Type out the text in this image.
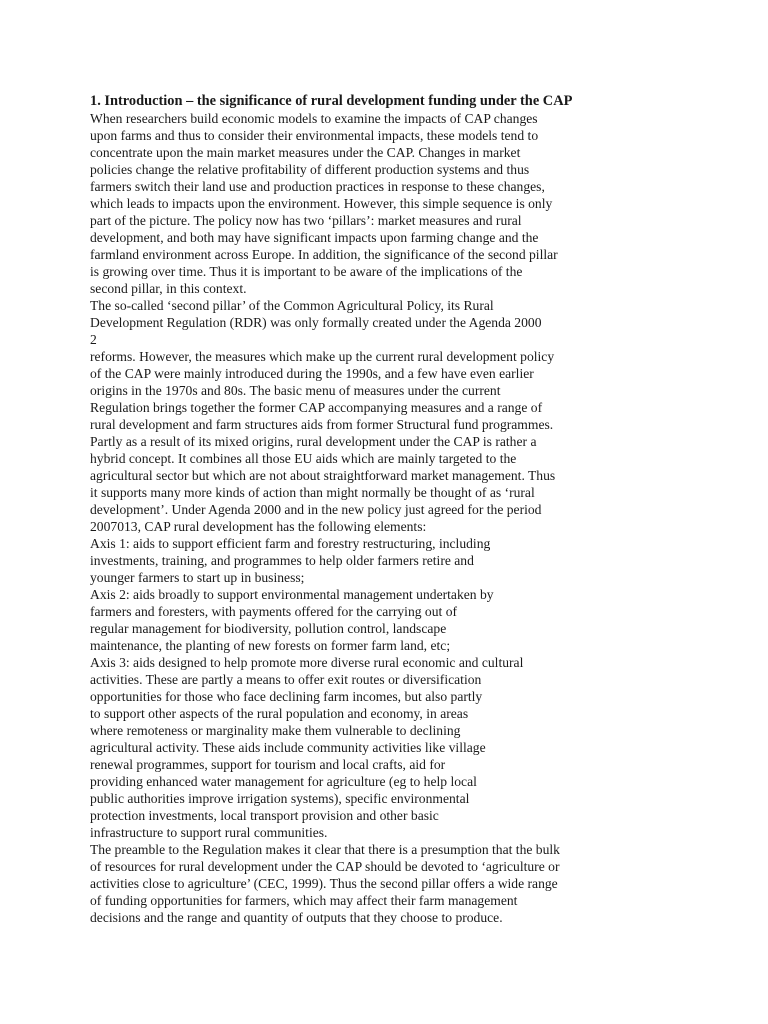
1. Introduction – the significance of rural development funding under the CAP
When researchers build economic models to examine the impacts of CAP changes
upon farms and thus to consider their environmental impacts, these models tend to
concentrate upon the main market measures under the CAP. Changes in market
policies change the relative profitability of different production systems and thus
farmers switch their land use and production practices in response to these changes,
which leads to impacts upon the environment. However, this simple sequence is only
part of the picture. The policy now has two ‘pillars’: market measures and rural
development, and both may have significant impacts upon farming change and the
farmland environment across Europe. In addition, the significance of the second pillar
is growing over time. Thus it is important to be aware of the implications of the
second pillar, in this context.
The so-called ‘second pillar’ of the Common Agricultural Policy, its Rural
Development Regulation (RDR) was only formally created under the Agenda 2000
2
reforms. However, the measures which make up the current rural development policy
of the CAP were mainly introduced during the 1990s, and a few have even earlier
origins in the 1970s and 80s. The basic menu of measures under the current
Regulation brings together the former CAP accompanying measures and a range of
rural development and farm structures aids from former Structural fund programmes.
Partly as a result of its mixed origins, rural development under the CAP is rather a
hybrid concept. It combines all those EU aids which are mainly targeted to the
agricultural sector but which are not about straightforward market management. Thus
it supports many more kinds of action than might normally be thought of as ‘rural
development’. Under Agenda 2000 and in the new policy just agreed for the period
2007013, CAP rural development has the following elements:
Axis 1: aids to support efficient farm and forestry restructuring, including
investments, training, and programmes to help older farmers retire and
younger farmers to start up in business;
Axis 2: aids broadly to support environmental management undertaken by
farmers and foresters, with payments offered for the carrying out of
regular management for biodiversity, pollution control, landscape
maintenance, the planting of new forests on former farm land, etc;
Axis 3: aids designed to help promote more diverse rural economic and cultural
activities. These are partly a means to offer exit routes or diversification
opportunities for those who face declining farm incomes, but also partly
to support other aspects of the rural population and economy, in areas
where remoteness or marginality make them vulnerable to declining
agricultural activity. These aids include community activities like village
renewal programmes, support for tourism and local crafts, aid for
providing enhanced water management for agriculture (eg to help local
public authorities improve irrigation systems), specific environmental
protection investments, local transport provision and other basic
infrastructure to support rural communities.
The preamble to the Regulation makes it clear that there is a presumption that the bulk
of resources for rural development under the CAP should be devoted to ‘agriculture or
activities close to agriculture’ (CEC, 1999). Thus the second pillar offers a wide range
of funding opportunities for farmers, which may affect their farm management
decisions and the range and quantity of outputs that they choose to produce.
